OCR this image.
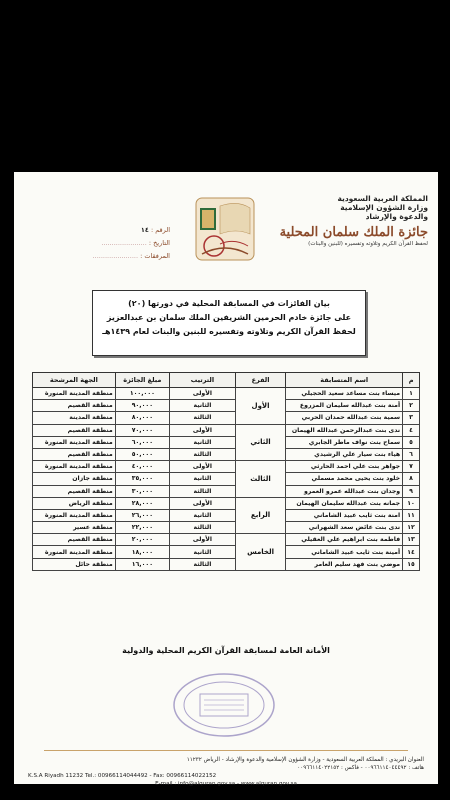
المملكة العربية السعودية
وزارة الشؤون الإسلامية
والدعوة والإرشاد
جائزة الملك سلمان المحلية
لحفظ القرآن الكريم وتلاوته وتفسيره (للبنين والبنات)
الرقم : ١٤
التاريخ : ......................
المرفقات : ......................
بيان الفائزات في المسابقة المحلية في دورتها (٢٠)
على جائزة خادم الحرمين الشريفين الملك سلمان بن عبدالعزيز
لحفظ القرآن الكريم وتلاوته وتفسيره للبنين والبنات لعام ١٤٣٩هـ
م	اسم المتسابقة	الفرع	الترتيب	مبلغ الجائزة	الجهة المرشحة
١	ميساء بنت مساعد سعيد الحجيلي	الأول	الأولى	١٠٠,٠٠٠	منطقة المدينة المنورة
٢	أمنة بنت عبدالله سليمان المزروع		الثانية	٩٠,٠٠٠	منطقة القصيم
٣	سمية بنت عبدالله حمدان الحربي		الثالثة	٨٠,٠٠٠	منطقة المدينة
٤	ندى بنت عبدالرحمن عبدالله الهيمان	الثاني	الأولى	٧٠,٠٠٠	منطقة القصيم
٥	سماح بنت نواف ماطر الجابري		الثانية	٦٠,٠٠٠	منطقة المدينة المنورة
٦	هياء بنت سيار علي الرشيدي		الثالثة	٥٠,٠٠٠	منطقة القصيم
٧	جواهر بنت علي احمد الحارثي	الثالث	الأولى	٤٠,٠٠٠	منطقة المدينة المنورة
٨	خلود بنت يحيى محمد مسملي		الثانية	٣٥,٠٠٠	منطقة جازان
٩	وجدان بنت عبدالله عمرو العمرو		الثالثة	٣٠,٠٠٠	منطقة القصيم
١٠	جمانه بنت عبدالله سليمان الهيمان	الرابع	الأولى	٢٨,٠٠٠	منطقة الرياض
١١	امنة بنت ثايب عبيد الشاماني		الثانية	٢٦,٠٠٠	منطقة المدينة المنورة
١٢	ندى بنت عائض سعد الشهراني		الثالثة	٢٢,٠٠٠	منطقة عسير
١٣	فاطمة بنت ابراهيم علي العقيلي	الخامس	الأولى	٢٠,٠٠٠	منطقة القصيم
١٤	أمينة بنت ثايب عبيد الشاماني		الثانية	١٨,٠٠٠	منطقة المدينة المنورة
١٥	موضي بنت فهد سليم العامر		الثالثة	١٦,٠٠٠	منطقة حائل
الأمانة العامة لمسابقة القرآن الكريم المحلية والدولية
العنوان البريدي : المملكة العربية السعودية - وزارة الشؤون الإسلامية والدعوة والإرشاد - الرياض ١١٢٣٢
هاتف : ٠٠٩٦٦١١٤٠٤٤٤٩٢ - فاكس : ٠٠٩٦٦١١٤٠٢٢١٥٢
K.S.A Riyadh 11232 Tel.: 00966114044492 - Fax: 00966114022152
E-mail : info@alquran.gov.sa - www.alquran.gov.sa
